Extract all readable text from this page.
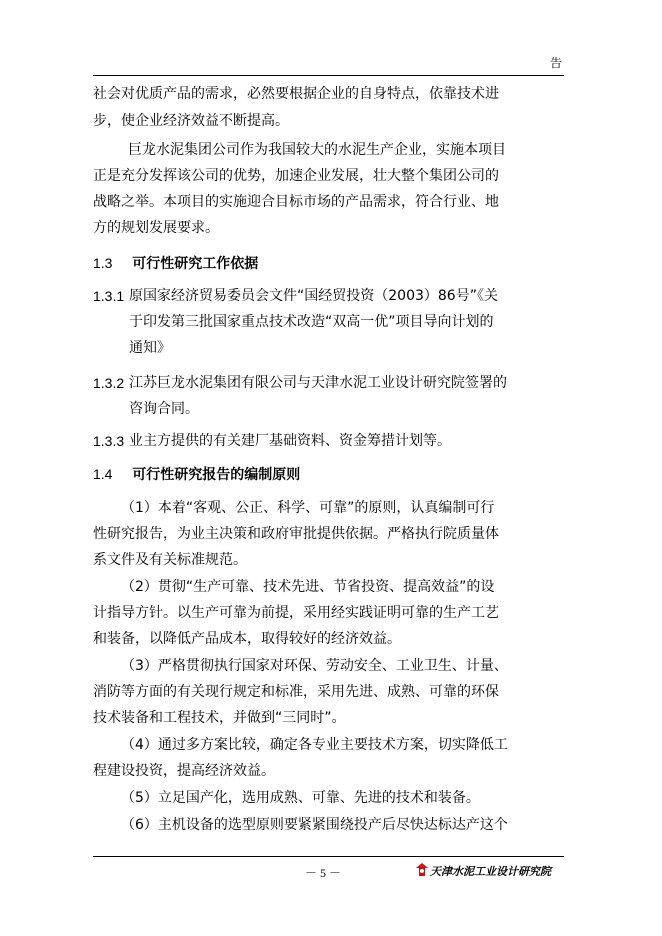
告
社会对优质产品的需求，必然要根据企业的自身特点，依靠技术进
步，使企业经济效益不断提高。
巨龙水泥集团公司作为我国较大的水泥生产企业，实施本项目
正是充分发挥该公司的优势，加速企业发展，壮大整个集团公司的
战略之举。本项目的实施迎合目标市场的产品需求，符合行业、地
方的规划发展要求。
1.3 可行性研究工作依据
1.3.1 原国家经济贸易委员会文件“国经贸投资（2003）86号”《关
于印发第三批国家重点技术改造“双高一优”项目导向计划的
通知》
1.3.2 江苏巨龙水泥集团有限公司与天津水泥工业设计研究院签署的
咨询合同。
1.3.3 业主方提供的有关建厂基础资料、资金筹措计划等。
1.4 可行性研究报告的编制原则
（1）本着“客观、公正、科学、可靠”的原则，认真编制可行
性研究报告，为业主决策和政府审批提供依据。严格执行院质量体
系文件及有关标准规范。
（2）贯彻“生产可靠、技术先进、节省投资、提高效益”的设
计指导方针。以生产可靠为前提，采用经实践证明可靠的生产工艺
和装备，以降低产品成本，取得较好的经济效益。
（3）严格贯彻执行国家对环保、劳动安全、工业卫生、计量、
消防等方面的有关现行规定和标准，采用先进、成熟、可靠的环保
技术装备和工程技术，并做到“三同时”。
（4）通过多方案比较，确定各专业主要技术方案，切实降低工
程建设投资，提高经济效益。
（5）立足国产化，选用成熟、可靠、先进的技术和装备。
（6）主机设备的选型原则要紧紧围绕投产后尽快达标达产这个
－ 5 －	天津水泥工业设计研究院
